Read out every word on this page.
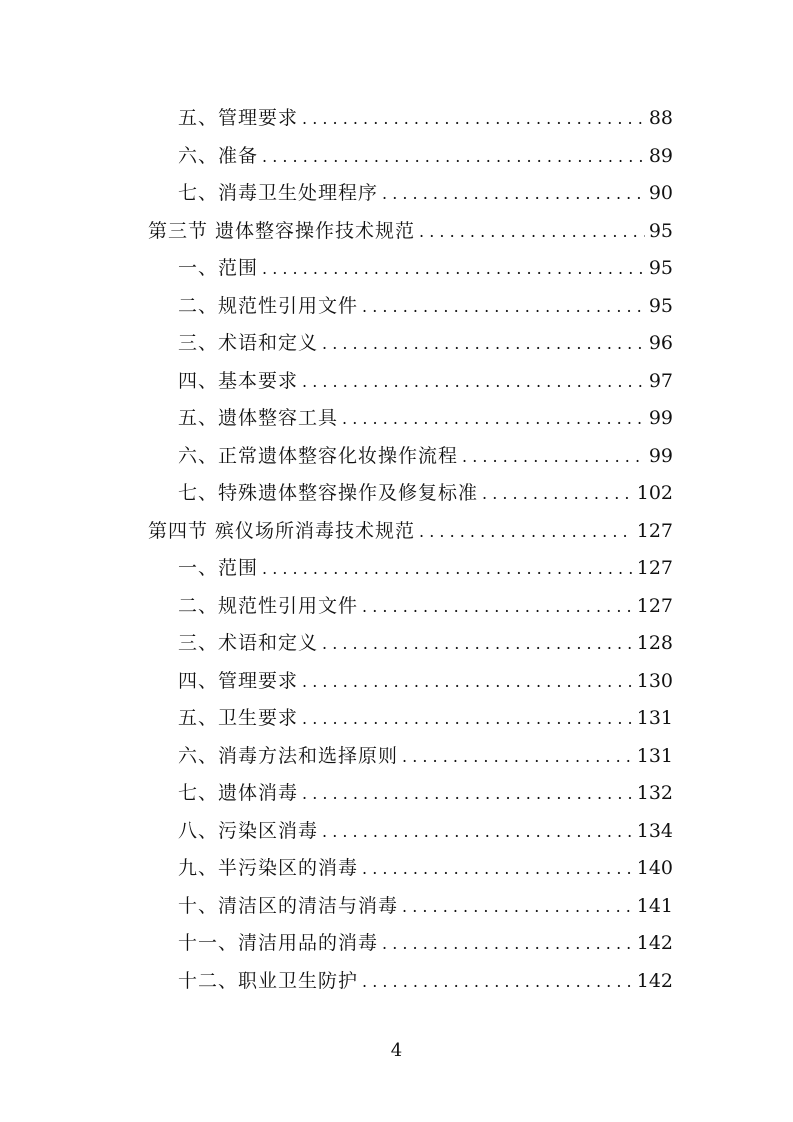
五、管理要求 . . .	88
六、准备 . . .	89
七、消毒卫生处理程序 . . .	90
第三节 遗体整容操作技术规范 . . .	95
一、范围 . . .	95
二、规范性引用文件 . . .	95
三、术语和定义 . . .	96
四、基本要求 . . .	97
五、遗体整容工具 . . .	99
六、正常遗体整容化妆操作流程 . . .	99
七、特殊遗体整容操作及修复标准 . . .	102
第四节 殡仪场所消毒技术规范 . . .	127
一、范围 . . .	127
二、规范性引用文件 . . .	127
三、术语和定义 . . .	128
四、管理要求 . . .	130
五、卫生要求 . . .	131
六、消毒方法和选择原则 . . .	131
七、遗体消毒 . . .	132
八、污染区消毒 . . .	134
九、半污染区的消毒 . . .	140
十、清洁区的清洁与消毒 . . .	141
十一、清洁用品的消毒 . . .	142
十二、职业卫生防护 . . .	142
4
